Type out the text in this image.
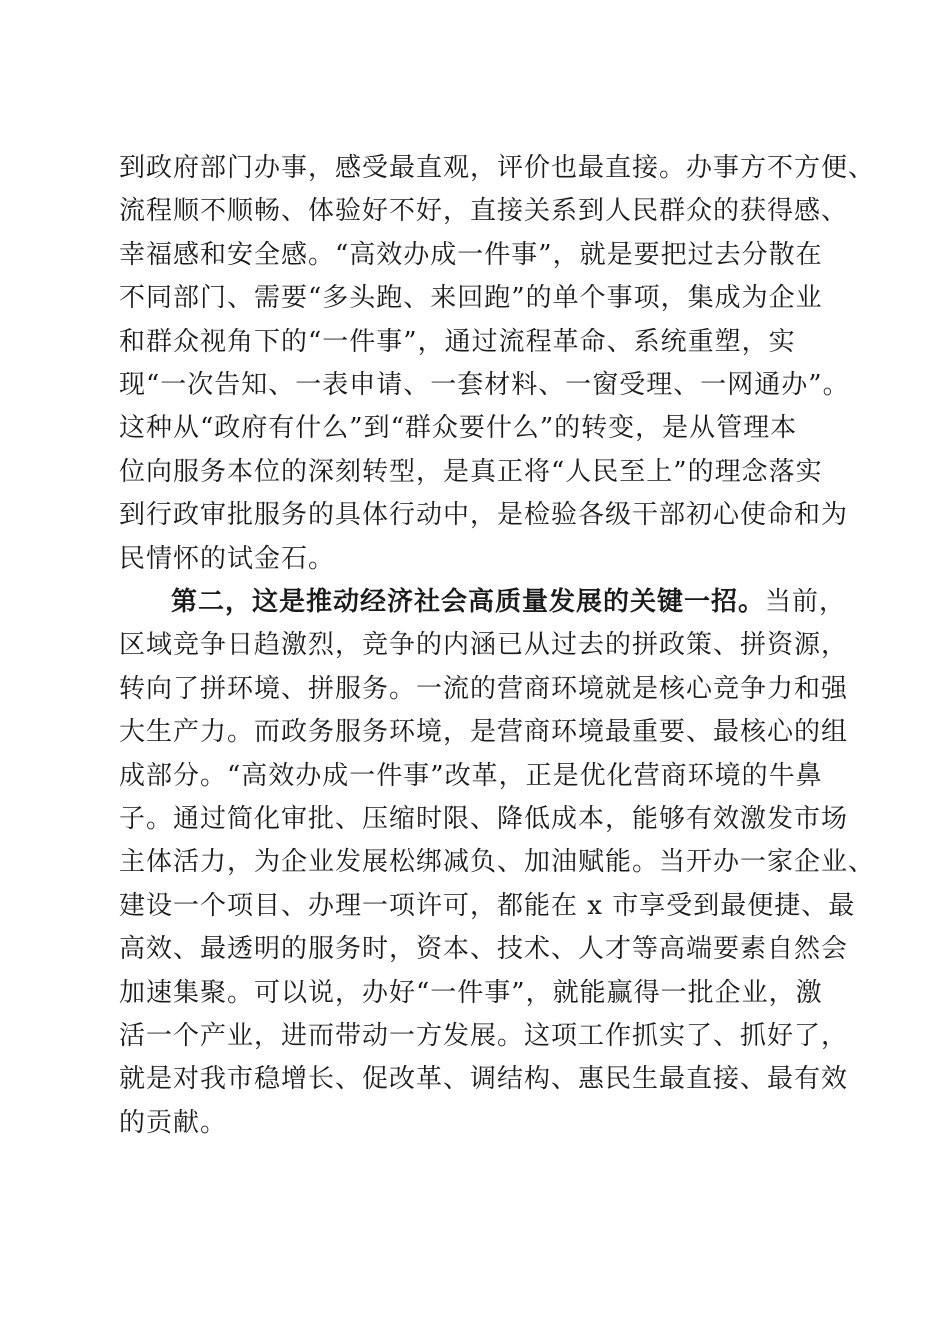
到政府部门办事，感受最直观，评价也最直接。办事方不方便、
流程顺不顺畅、体验好不好，直接关系到人民群众的获得感、
幸福感和安全感。“高效办成一件事”，就是要把过去分散在
不同部门、需要“多头跑、来回跑”的单个事项，集成为企业
和群众视角下的“一件事”，通过流程革命、系统重塑，实
现“一次告知、一表申请、一套材料、一窗受理、一网通办”。
这种从“政府有什么”到“群众要什么”的转变，是从管理本
位向服务本位的深刻转型，是真正将“人民至上”的理念落实
到行政审批服务的具体行动中，是检验各级干部初心使命和为
民情怀的试金石。
第二，这是推动经济社会高质量发展的关键一招。当前，
区域竞争日趋激烈，竞争的内涵已从过去的拼政策、拼资源，
转向了拼环境、拼服务。一流的营商环境就是核心竞争力和强
大生产力。而政务服务环境，是营商环境最重要、最核心的组
成部分。“高效办成一件事”改革，正是优化营商环境的牛鼻
子。通过简化审批、压缩时限、降低成本，能够有效激发市场
主体活力，为企业发展松绑减负、加油赋能。当开办一家企业、
建设一个项目、办理一项许可，都能在 x 市享受到最便捷、最
高效、最透明的服务时，资本、技术、人才等高端要素自然会
加速集聚。可以说，办好“一件事”，就能赢得一批企业，激
活一个产业，进而带动一方发展。这项工作抓实了、抓好了，
就是对我市稳增长、促改革、调结构、惠民生最直接、最有效
的贡献。
